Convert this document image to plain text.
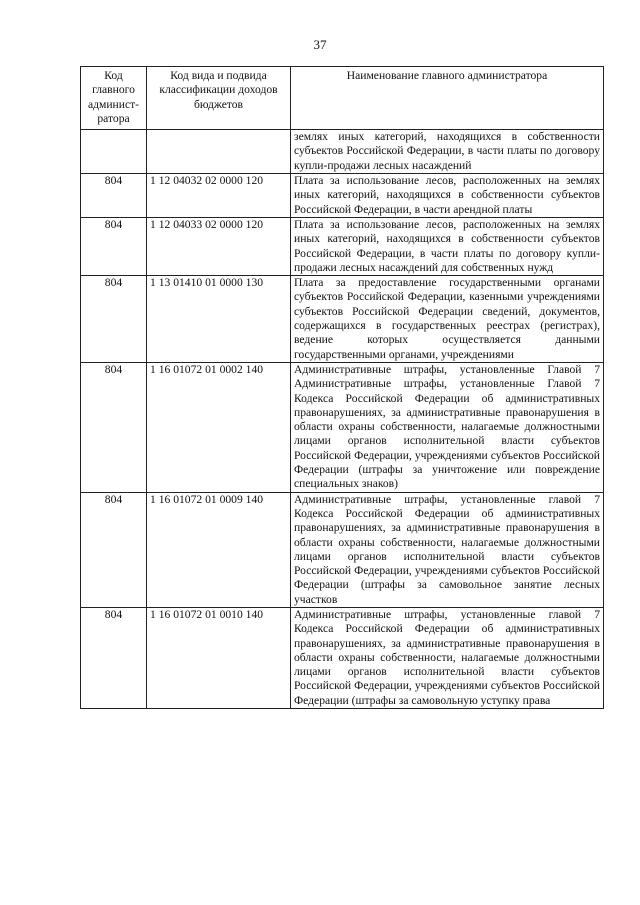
37
Код главного админист-ратора	Код вида и подвида классификации доходов бюджетов	Наименование главного администратора
		землях иных категорий, находящихся в собственности субъектов Российской Федерации, в части платы по договору купли-продажи лесных насаждений
804	1 12 04032 02 0000 120	Плата за использование лесов, расположенных на землях иных категорий, находящихся в собственности субъектов Российской Федерации, в части арендной платы
804	1 12 04033 02 0000 120	Плата за использование лесов, расположенных на землях иных категорий, находящихся в собственности субъектов Российской Федерации, в части платы по договору купли-продажи лесных насаждений для собственных нужд
804	1 13 01410 01 0000 130	Плата за предоставление государственными органами субъектов Российской Федерации, казенными учреждениями субъектов Российской Федерации сведений, документов, содержащихся в государственных реестрах (регистрах), ведение которых осуществляется данными государственными органами, учреждениями
804	1 16 01072 01 0002 140	Административные штрафы, установленные Главой 7 Административные штрафы, установленные Главой 7 Кодекса Российской Федерации об административных правонарушениях, за административные правонарушения в области охраны собственности, налагаемые должностными лицами органов исполнительной власти субъектов Российской Федерации, учреждениями субъектов Российской Федерации (штрафы за уничтожение или повреждение специальных знаков)
804	1 16 01072 01 0009 140	Административные штрафы, установленные главой 7 Кодекса Российской Федерации об административных правонарушениях, за административные правонарушения в области охраны собственности, налагаемые должностными лицами органов исполнительной власти субъектов Российской Федерации, учреждениями субъектов Российской Федерации (штрафы за самовольное занятие лесных участков
804	1 16 01072 01 0010 140	Административные штрафы, установленные главой 7 Кодекса Российской Федерации об административных правонарушениях, за административные правонарушения в области охраны собственности, налагаемые должностными лицами органов исполнительной власти субъектов Российской Федерации, учреждениями субъектов Российской Федерации (штрафы за самовольную уступку права
